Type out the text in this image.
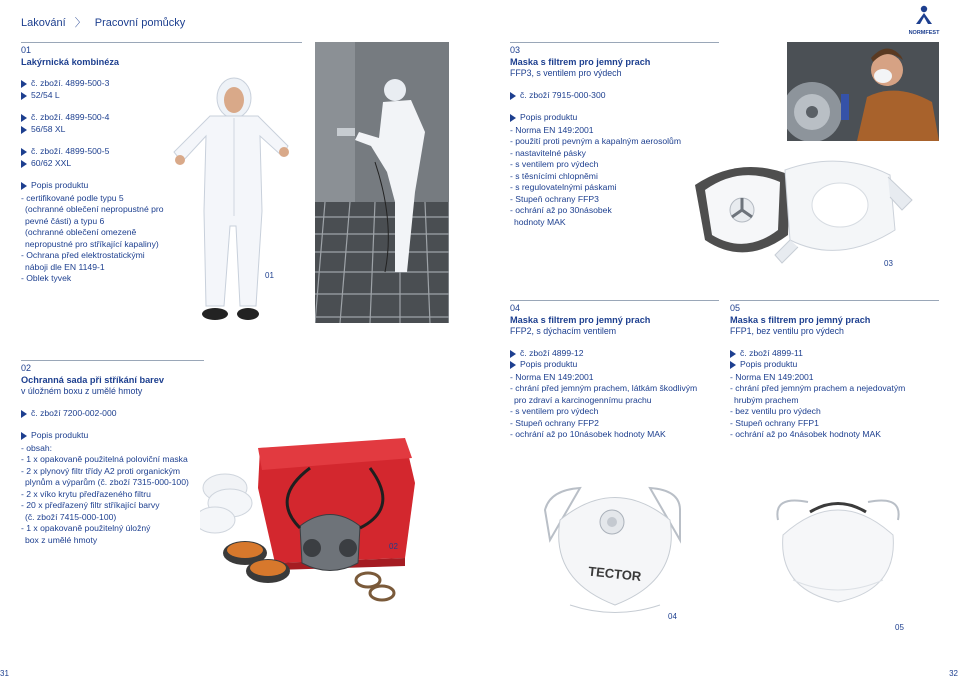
Lakování 〉 Pracovní pomůcky
NORMFEST
01
Lakýrnická kombinéza
č. zboží. 4899-500-3
52/54 L
č. zboží. 4899-500-4
56/58 XL
č. zboží. 4899-500-5
60/62 XXL
Popis produktu
- certifikované podle typu 5
(ochranné oblečení nepropustné pro
pevné části) a typu 6
(ochranné oblečení omezeně
nepropustné pro stříkající kapaliny)
- Ochrana před elektrostatickými
náboji dle EN 1149-1
- Oblek tyvek	01
02
Ochranná sada při stříkání barev
v úložném boxu z umělé hmoty
č. zboží 7200-002-000
Popis produktu
- obsah:
- 1 x opakovaně použitelná poloviční maska
- 2 x plynový filtr třídy A2 proti organickým
plynům a výparům (č. zboží 7315-000-100)
- 2 x víko krytu předřazeného filtru
- 20 x předřazený filtr stříkající barvy
(č. zboží 7415-000-100)
- 1 x opakovaně použitelný úložný
box z umělé hmoty
02
03
Maska s filtrem pro jemný prach
FFP3, s ventilem pro výdech
č. zboží 7915-000-300
Popis produktu
- Norma EN 149:2001
- použití proti pevným a kapalným aerosolům
- nastavitelné pásky
- s ventilem pro výdech
- s těsnícími chlopněmi
- s regulovatelnými páskami
- Stupeň ochrany FFP3
- ochrání až po 30násobek
hodnoty MAK
03
04
Maska s filtrem pro jemný prach
FFP2, s dýchacím ventilem
č. zboží 4899-12
Popis produktu
- Norma EN 149:2001
- chrání před jemným prachem, látkám škodlivým
pro zdraví a karcinogennímu prachu
- s ventilem pro výdech
- Stupeň ochrany FFP2
- ochrání až po 10násobek hodnoty MAK
TECTOR
04
05
Maska s filtrem pro jemný prach
FFP1, bez ventilu pro výdech
č. zboží 4899-11
Popis produktu
- Norma EN 149:2001
- chrání před jemným prachem a nejedovatým
hrubým prachem
- bez ventilu pro výdech
- Stupeň ochrany FFP1
- ochrání až po 4násobek hodnoty MAK
05
31	32
